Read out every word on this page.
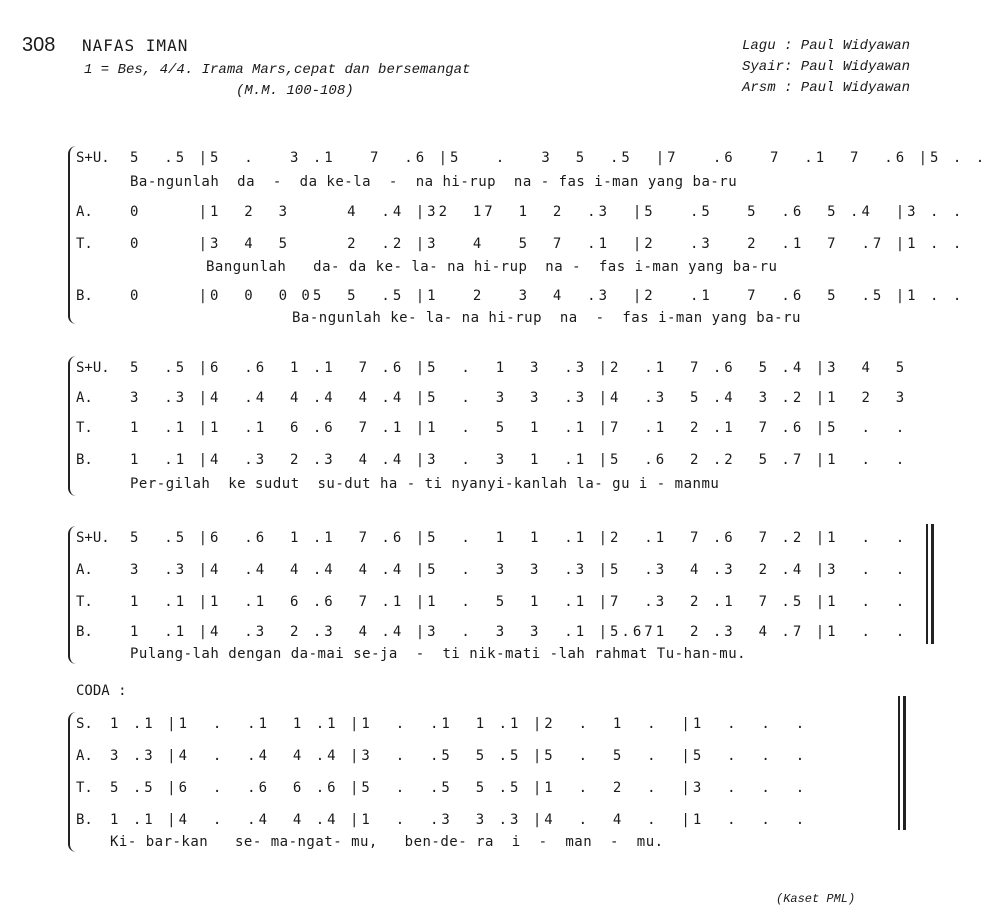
308 NAFAS IMAN
1 = Bes, 4/4. Irama Mars,cepat dan bersemangat
(M.M. 100-108)
Lagu : Paul Widyawan
Syair: Paul Widyawan
Arsm : Paul Widyawan
S+U. 5  .5 |5  .   3 .1   7  .6 |5   .   3  5  .5  |7   .6   7  .1  7  .6 |5 . .
Ba-ngunlah  da  -  da ke-la  -  na hi-rup  na - fas i-man yang ba-ru
A.	0     |1  2  3     4  .4 |32  17  1  2  .3  |5   .5   5  .6  5 .4  |3 . .
T.	0     |3  4  5     2  .2 |3   4   5  7  .1  |2   .3   2  .1  7  .7 |1 . .
Bangunlah   da- da ke- la- na hi-rup  na -  fas i-man yang ba-ru
B.	0     |0  0  0 05  5  .5 |1   2   3  4  .3  |2   .1   7  .6  5  .5 |1 . .
Ba-ngunlah ke- la- na hi-rup  na  -  fas i-man yang ba-ru
S+U. 5  .5 |6  .6  1 .1  7 .6 |5  .  1  3  .3 |2  .1  7 .6  5 .4 |3  4  5
A.	3  .3 |4  .4  4 .4  4 .4 |5  .  3  3  .3 |4  .3  5 .4  3 .2 |1  2  3
T.	1  .1 |1  .1  6 .6  7 .1 |1  .  5  1  .1 |7  .1  2 .1  7 .6 |5  .  .
B.	1  .1 |4  .3  2 .3  4 .4 |3  .  3  1  .1 |5  .6  2 .2  5 .7 |1  .  .
Per-gilah  ke sudut  su-dut ha - ti nyanyi-kanlah la- gu i - manmu
S+U. 5  .5 |6  .6  1 .1  7 .6 |5  .  1  1  .1 |2  .1  7 .6  7 .2 |1  .  .
A.	3  .3 |4  .4  4 .4  4 .4 |5  .  3  3  .3 |5  .3  4 .3  2 .4 |3  .  .
T.	1  .1 |1  .1  6 .6  7 .1 |1  .  5  1  .1 |7  .3  2 .1  7 .5 |1  .  .
B.	1  .1 |4  .3  2 .3  4 .4 |3  .  3  3  .1 |5.671  2 .3  4 .7 |1  .  .
Pulang-lah dengan da-mai se-ja  -  ti nik-mati -lah rahmat Tu-han-mu.
CODA :
S. 1 .1 |1  .  .1  1 .1 |1  .  .1  1 .1 |2  .  1  .  |1  .  .  .
A. 3 .3 |4  .  .4  4 .4 |3  .  .5  5 .5 |5  .  5  .  |5  .  .  .
T. 5 .5 |6  .  .6  6 .6 |5  .  .5  5 .5 |1  .  2  .  |3  .  .  .
B. 1 .1 |4  .  .4  4 .4 |1  .  .3  3 .3 |4  .  4  .  |1  .  .  .
Ki- bar-kan   se- ma-ngat- mu,   ben-de- ra  i  -  man  -  mu.
(Kaset PML)
